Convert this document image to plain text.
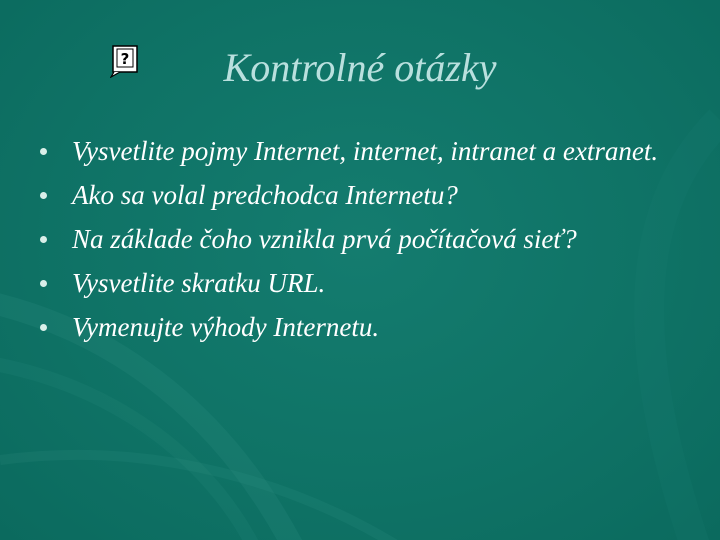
?	Kontrolné otázky
Vysvetlite pojmy Internet, internet, intranet a extranet.
Ako sa volal predchodca Internetu?
Na základe čoho vznikla prvá počítačová sieť?
Vysvetlite skratku URL.
Vymenujte výhody Internetu.
